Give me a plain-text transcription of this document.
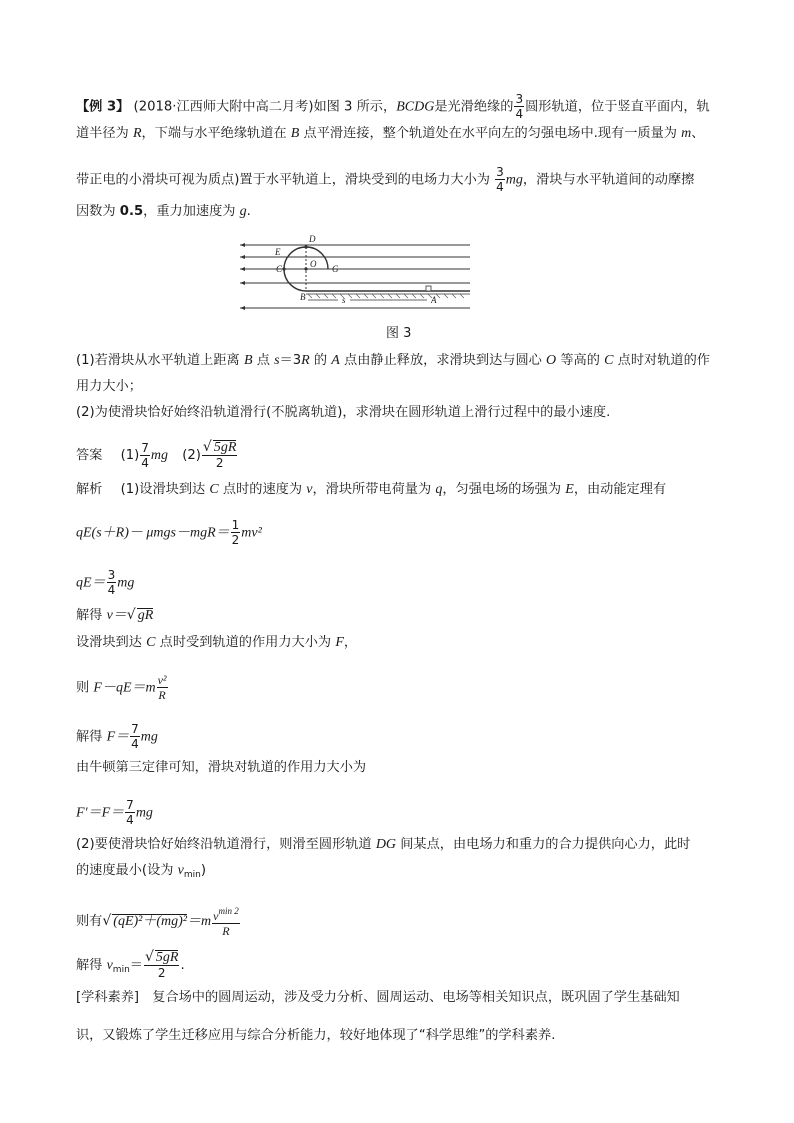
【例 3】 (2018·江西师大附中高二月考)如图 3 所示，BCDG是光滑绝缘的 $\frac{3}{4}$ 圆形轨道，位于竖直平面内，轨
道半径为 R，下端与水平绝缘轨道在 B 点平滑连接，整个轨道处在水平向左的匀强电场中.现有一质量为 m、
带正电的小滑块可视为质点)置于水平轨道上，滑块受到的电场力大小为 $\frac{3}{4}$ mg，滑块与水平轨道间的动摩擦
因数为 0.5，重力加速度为 g.
D
E
O
C	G
B	s	A
图 3
(1)若滑块从水平轨道上距离 B 点 s＝3R 的 A 点由静止释放，求滑块到达与圆心 O 等高的 C 点时对轨道的作
用力大小；
(2)为使滑块恰好始终沿轨道滑行(不脱离轨道)，求滑块在圆形轨道上滑行过程中的最小速度.
答案 $(1) \frac{7}{4}$ mg $(2) \frac{√ 5gR}{2}$
解析 (1)设滑块到达 C 点时的速度为 v，滑块所带电荷量为 q，匀强电场的场强为 E，由动能定理有
$qE(s+R)- \mu mgs-mgR= \frac{1}{2} mv^2$
$qE= \frac{3}{4}$ mg
解得 v＝√ gR
设滑块到达 C 点时受到轨道的作用力大小为 F，
则 $F-qE=m \frac{\text{v²}}{R}$
解得 $F= \frac{7}{4}$ mg
由牛顿第三定律可知，滑块对轨道的作用力大小为
$F'=F= \frac{7}{4}$ mg
(2)要使滑块恰好始终沿轨道滑行，则滑至圆形轨道 DG 间某点，由电场力和重力的合力提供向心力，此时
的速度最小(设为 $v_{min}$)
则有√ $(qE)^2+(mg)^2=m \frac{v^{min 2}}{R}$
解得 $v_{min}= \frac{√ 5gR}{2}$ .
[学科素养]　复合场中的圆周运动，涉及受力分析、圆周运动、电场等相关知识点，既巩固了学生基础知
识，又锻炼了学生迁移应用与综合分析能力，较好地体现了“科学思维”的学科素养.
